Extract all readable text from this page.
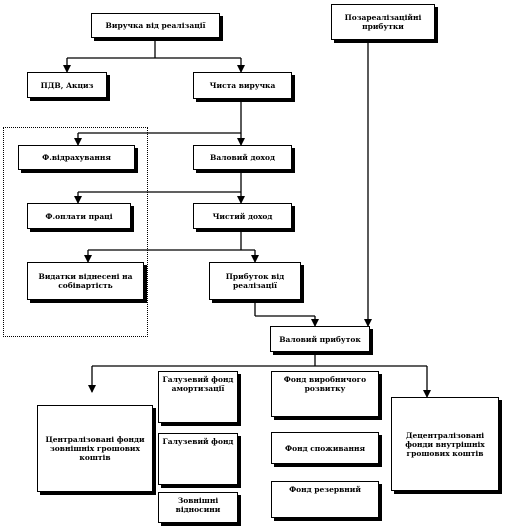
Виручка від реалізації
Позареалізаційні прибутки
ПДВ, Акциз	Чиста виручка
Ф.відрахування	Валовий доход
Ф.оплати праці	Чистий доход
Видатки віднесені на собівартість
Прибуток від реалізації
Валовий прибуток
Галузевий фонд амортизації
Централізовані фонди зовнішніх грошових коштів
Галузевий фонд
Зовнішні відносини
Фонд виробничого розвитку
Фонд споживання
Фонд резервний
Децентралізовані фонди внутрішніх грошових коштів
